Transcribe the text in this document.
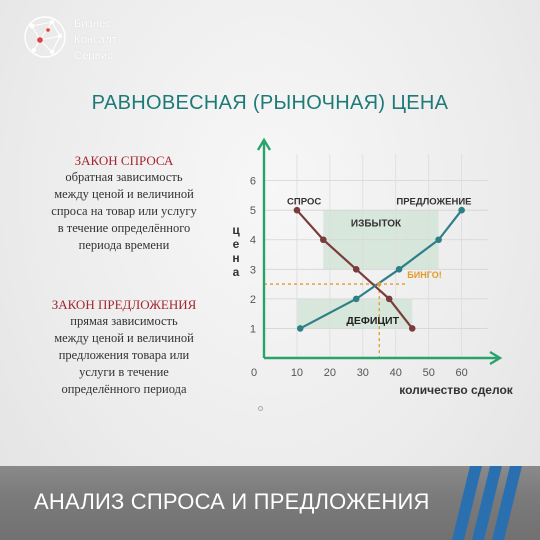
Бизнес
Консалт
Сервис
РАВНОВЕСНАЯ (РЫНОЧНАЯ) ЦЕНА
ЗАКОН СПРОСА
обратная зависимость
между ценой и величиной
спроса на товар или услугу
в течение определённого
периода времени
ЗАКОН ПРЕДЛОЖЕНИЯ
прямая зависимость
между ценой и величиной
предложения товара или
услуги в течение
определённого периода
1
2
3
4
5
6
0	10 20 30 40 50 60
количество сделок
ц е н а
СПРОС	ПРЕДЛОЖЕНИЕ
ИЗБЫТОК
ДЕФИЦИТ
БИНГО!
АНАЛИЗ СПРОСА И ПРЕДЛОЖЕНИЯ
